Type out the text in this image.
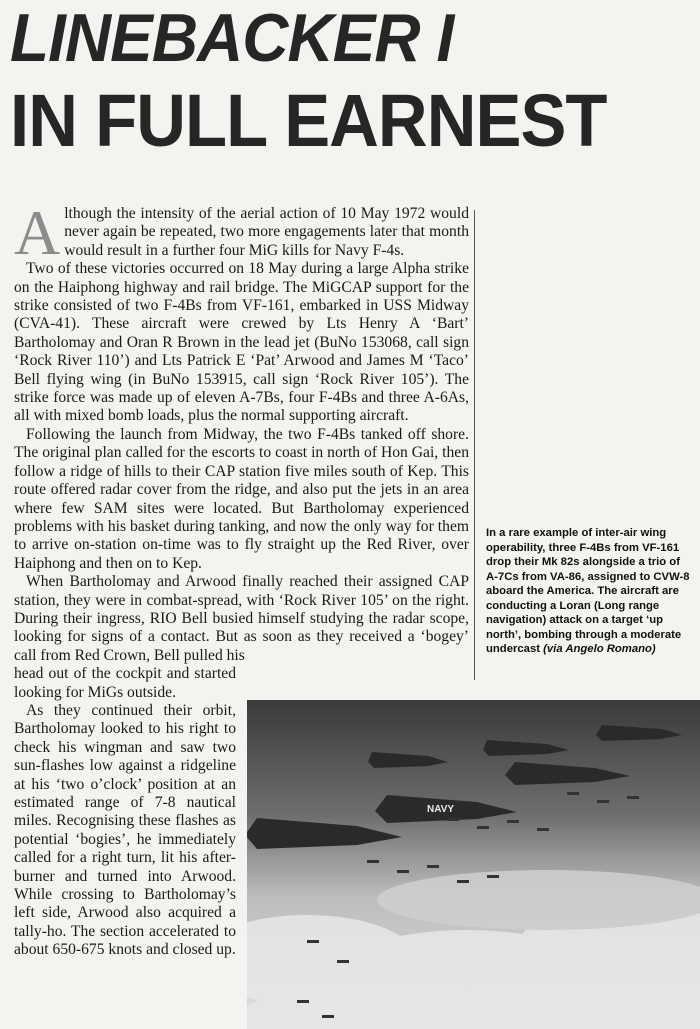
LINEBACKER I
IN FULL EARNEST

Although the intensity of the aerial action of 10 May 1972 would never again be repeated, two more engagements later that month would result in a further four MiG kills for Navy F-4s.

Two of these victories occurred on 18 May during a large Alpha strike on the Haiphong highway and rail bridge. The MiGCAP support for the strike consisted of two F-4Bs from VF-161, embarked in USS Midway (CVA-41). These aircraft were crewed by Lts Henry A ‘Bart’ Bartholomay and Oran R Brown in the lead jet (BuNo 153068, call sign ‘Rock River 110’) and Lts Patrick E ‘Pat’ Arwood and James M ‘Taco’ Bell flying wing (in BuNo 153915, call sign ‘Rock River 105’). The strike force was made up of eleven A-7Bs, four F-4Bs and three A-6As, all with mixed bomb loads, plus the normal supporting aircraft.

Following the launch from Midway, the two F-4Bs tanked off shore. The original plan called for the escorts to coast in north of Hon Gai, then follow a ridge of hills to their CAP station five miles south of Kep. This route offered radar cover from the ridge, and also put the jets in an area where few SAM sites were located. But Bartholomay experienced problems with his basket during tanking, and now the only way for them to arrive on-station on-time was to fly straight up the Red River, over Haiphong and then on to Kep.

When Bartholomay and Arwood finally reached their assigned CAP station, they were in combat-spread, with ‘Rock River 105’ on the right. During their ingress, RIO Bell busied himself studying the radar scope, looking for signs of a contact. But as soon as they received a ‘bogey’ call from Red Crown, Bell pulled his

head out of the cockpit and started looking for MiGs outside.

As they continued their orbit, Bartholomay looked to his right to check his wingman and saw two sun-flashes low against a ridgeline at his ‘two o’clock’ position at an estimated range of 7-8 nautical miles. Recognising these flashes as potential ‘bogies’, he immediately called for a right turn, lit his after-burner and turned into Arwood. While crossing to Bartholomay’s left side, Arwood also acquired a tally-ho. The section accelerated to about 650-675 knots and closed up.

In a rare example of inter-air wing operability, three F-4Bs from VF-161 drop their Mk 82s alongside a trio of A-7Cs from VA-86, assigned to CVW-8 aboard the America. The aircraft are conducting a Loran (Long range navigation) attack on a target ‘up north’, bombing through a moderate undercast (via Angelo Romano)
NAVY
